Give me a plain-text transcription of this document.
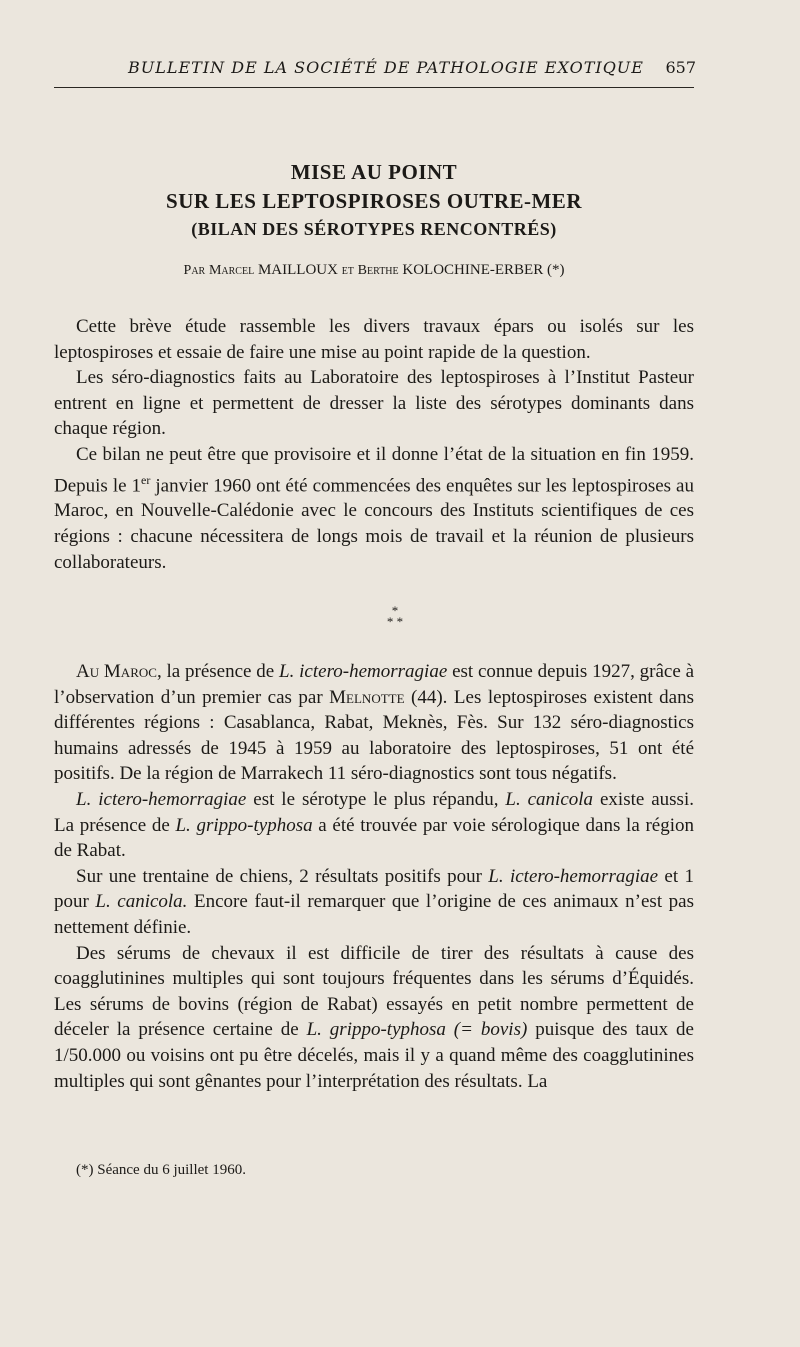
BULLETIN DE LA SOCIÉTÉ DE PATHOLOGIE EXOTIQUE 657
MISE AU POINT
SUR LES LEPTOSPIROSES OUTRE-MER
(BILAN DES SÉROTYPES RENCONTRÉS)
Par Marcel MAILLOUX et Berthe KOLOCHINE-ERBER (*)

Cette brève étude rassemble les divers travaux épars ou isolés sur les leptospiroses et essaie de faire une mise au point rapide de la question.

Les séro-diagnostics faits au Laboratoire des leptospiroses à l’Institut Pasteur entrent en ligne et permettent de dresser la liste des sérotypes dominants dans chaque région.

Ce bilan ne peut être que provisoire et il donne l’état de la situation en fin 1959. Depuis le 1er janvier 1960 ont été commencées des enquêtes sur les leptospiroses au Maroc, en Nouvelle-Calédonie avec le concours des Instituts scientifiques de ces régions : chacune nécessitera de longs mois de travail et la réunion de plusieurs collaborateurs.

*
* *

Au Maroc, la présence de L. ictero-hemorragiae est connue depuis 1927, grâce à l’observation d’un premier cas par Melnotte (44). Les leptospiroses existent dans différentes régions : Casablanca, Rabat, Meknès, Fès. Sur 132 séro-diagnostics humains adressés de 1945 à 1959 au laboratoire des leptospiroses, 51 ont été positifs. De la région de Marrakech 11 séro-diagnostics sont tous négatifs.

L. ictero-hemorragiae est le sérotype le plus répandu, L. canicola existe aussi. La présence de L. grippo-typhosa a été trouvée par voie sérologique dans la région de Rabat.

Sur une trentaine de chiens, 2 résultats positifs pour L. ictero-hemorragiae et 1 pour L. canicola. Encore faut-il remarquer que l’origine de ces animaux n’est pas nettement définie.

Des sérums de chevaux il est difficile de tirer des résultats à cause des coagglutinines multiples qui sont toujours fréquentes dans les sérums d’Équidés. Les sérums de bovins (région de Rabat) essayés en petit nombre permettent de déceler la présence certaine de L. grippo-typhosa (= bovis) puisque des taux de 1/50.000 ou voisins ont pu être décelés, mais il y a quand même des coagglutinines multiples qui sont gênantes pour l’interprétation des résultats. La

(*) Séance du 6 juillet 1960.
